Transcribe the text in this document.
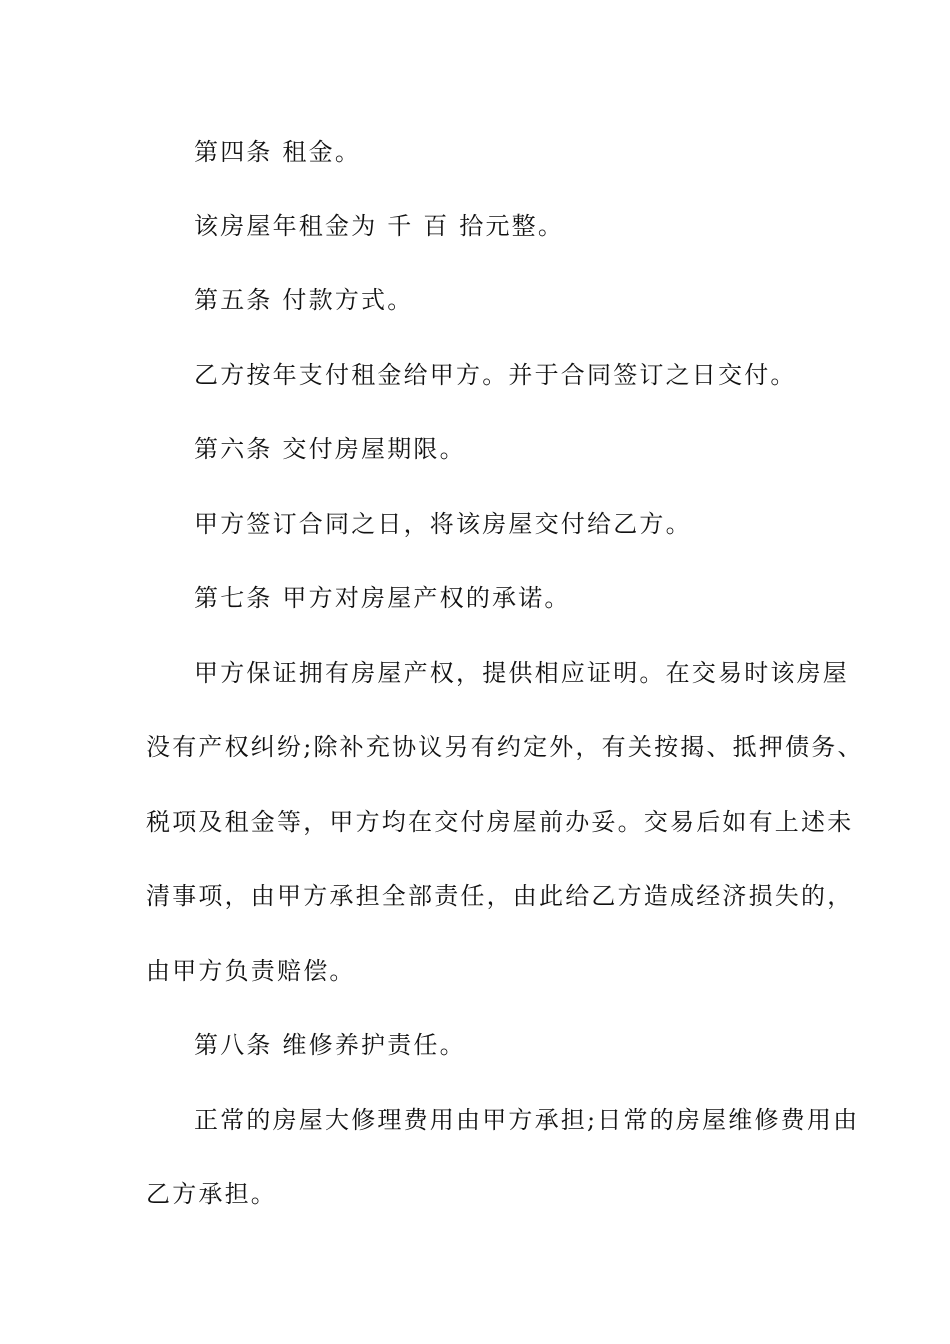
第四条 租金。

该房屋年租金为 千 百 拾元整。

第五条 付款方式。

乙方按年支付租金给甲方。并于合同签订之日交付。

第六条 交付房屋期限。

甲方签订合同之日，将该房屋交付给乙方。

第七条 甲方对房屋产权的承诺。

甲方保证拥有房屋产权，提供相应证明。在交易时该房屋

没有产权纠纷;除补充协议另有约定外，有关按揭、抵押债务、

税项及租金等，甲方均在交付房屋前办妥。交易后如有上述未

清事项，由甲方承担全部责任，由此给乙方造成经济损失的，

由甲方负责赔偿。

第八条 维修养护责任。

正常的房屋大修理费用由甲方承担;日常的房屋维修费用由

乙方承担。
